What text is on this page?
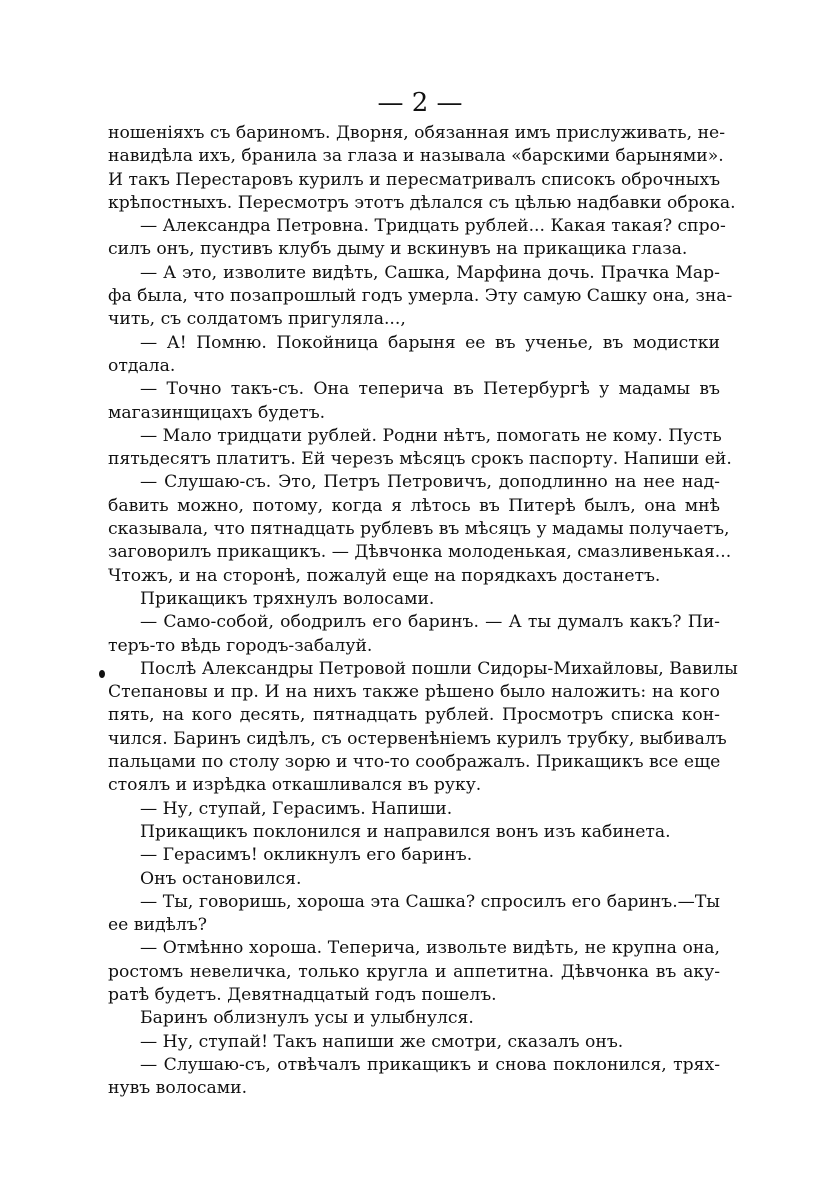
— 2 —
ношеніяхъ съ бариномъ. Дворня, обязанная имъ прислуживать, не-
навидѣла ихъ, бранила за глаза и называла «барскими барынями».
И такъ Перестаровъ курилъ и пересматривалъ списокъ оброчныхъ
крѣпостныхъ. Пересмотръ этотъ дѣлался съ цѣлью надбавки оброка.
— Александра Петровна. Тридцать рублей... Какая такая? спро-
силъ онъ, пустивъ клубъ дыму и вскинувъ на прикащика глаза.
— А это, изволите видѣть, Сашка, Марфина дочь. Прачка Мар-
фа была, что позапрошлый годъ умерла. Эту самую Сашку она, зна-
чить, съ солдатомъ пригуляла...,
— А! Помню. Покойница барыня ее въ ученье, въ модистки
отдала.
— Точно такъ-съ. Она теперича въ Петербургѣ у мадамы въ
магазинщицахъ будетъ.
— Мало тридцати рублей. Родни нѣтъ, помогать не кому. Пусть
пятьдесятъ платитъ. Ей черезъ мѣсяцъ срокъ паспорту. Напиши ей.
— Слушаю-съ. Это, Петръ Петровичъ, доподлинно на нее над-
бавить можно, потому, когда я лѣтось въ Питерѣ былъ, она мнѣ
сказывала, что пятнадцать рублевъ въ мѣсяцъ у мадамы получаетъ,
заговорилъ прикащикъ. — Дѣвчонка молоденькая, смазливенькая...
Чтожъ, и на сторонѣ, пожалуй еще на порядкахъ достанетъ.
Прикащикъ тряхнулъ волосами.
— Само-собой, ободрилъ его баринъ. — А ты думалъ какъ? Пи-
теръ-то вѣдь городъ-забалуй.
Послѣ Александры Петровой пошли Сидоры-Михайловы, Вавилы
Степановы и пр. И на нихъ также рѣшено было наложить: на кого
пять, на кого десять, пятнадцать рублей. Просмотръ списка кон-
чился. Баринъ сидѣлъ, съ остервенѣніемъ курилъ трубку, выбивалъ
пальцами по столу зорю и что-то соображалъ. Прикащикъ все еще
стоялъ и изрѣдка откашливался въ руку.
— Ну, ступай, Герасимъ. Напиши.
Прикащикъ поклонился и направился вонъ изъ кабинета.
— Герасимъ! окликнулъ его баринъ.
Онъ остановился.
— Ты, говоришь, хороша эта Сашка? спросилъ его баринъ.—Ты
ее видѣлъ?
— Отмѣнно хороша. Теперича, извольте видѣть, не крупна она,
ростомъ невеличка, только кругла и аппетитна. Дѣвчонка въ аку-
ратѣ будетъ. Девятнадцатый годъ пошелъ.
Баринъ облизнулъ усы и улыбнулся.
— Ну, ступай! Такъ напиши же смотри, сказалъ онъ.
— Слушаю-съ, отвѣчалъ прикащикъ и снова поклонился, трях-
нувъ волосами.
